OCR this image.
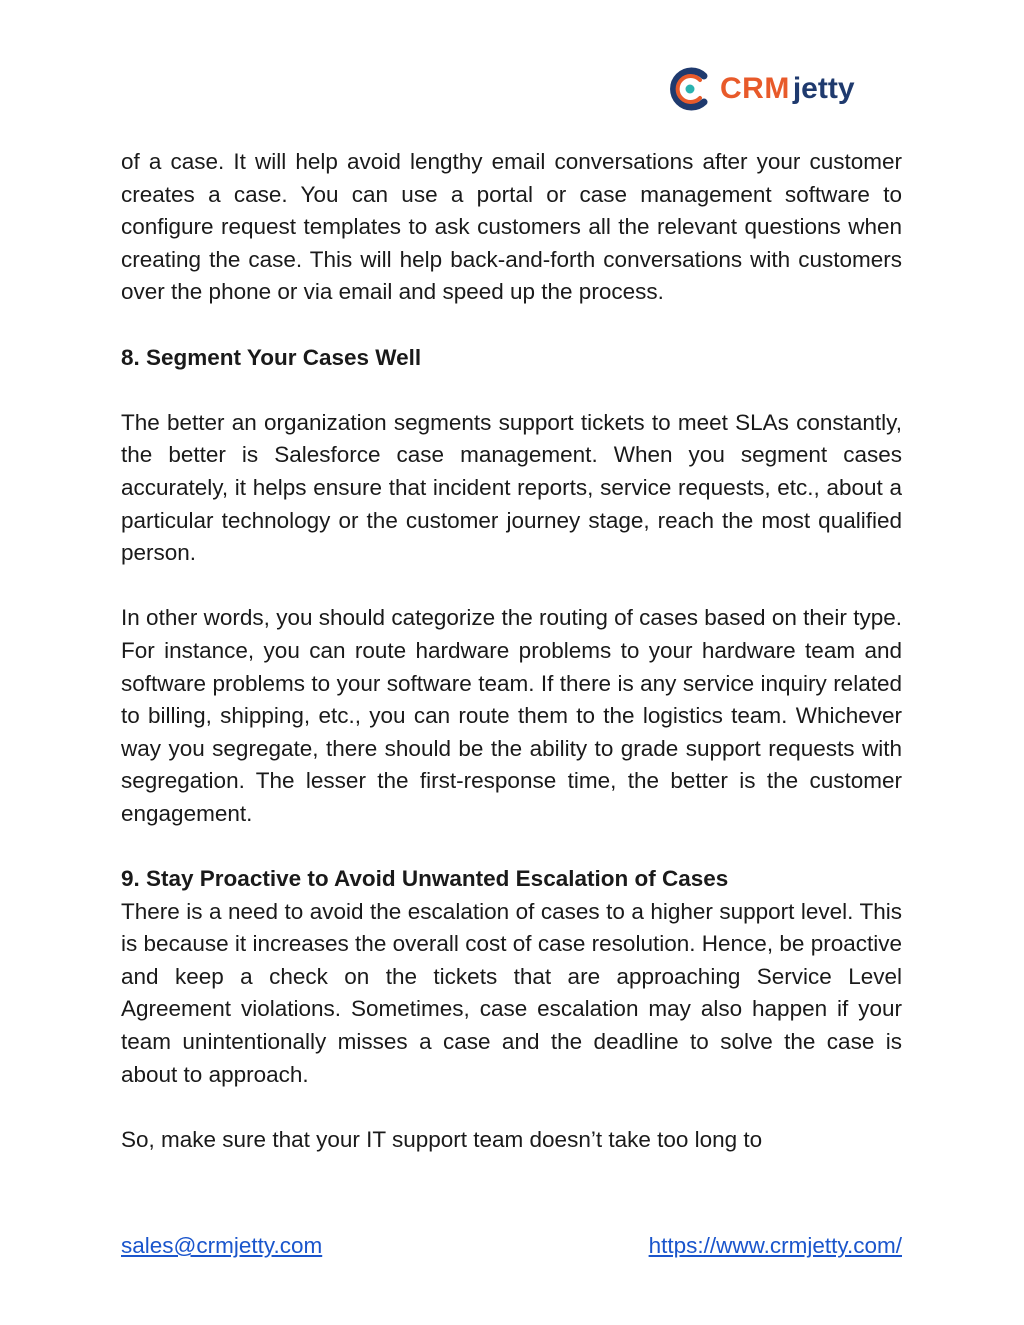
CRM jetty

of a case. It will help avoid lengthy email conversations after your customer creates a case. You can use a portal or case management software to configure request templates to ask customers all the relevant questions when creating the case. This will help back-and-forth conversations with customers over the phone or via email and speed up the process.

8. Segment Your Cases Well

The better an organization segments support tickets to meet SLAs constantly, the better is Salesforce case management. When you segment cases accurately, it helps ensure that incident reports, service requests, etc., about a particular technology or the customer journey stage, reach the most qualified person.

In other words, you should categorize the routing of cases based on their type. For instance, you can route hardware problems to your hardware team and software problems to your software team. If there is any service inquiry related to billing, shipping, etc., you can route them to the logistics team. Whichever way you segregate, there should be the ability to grade support requests with segregation. The lesser the first-response time, the better is the customer engagement.

9. Stay Proactive to Avoid Unwanted Escalation of Cases

There is a need to avoid the escalation of cases to a higher support level. This is because it increases the overall cost of case resolution. Hence, be proactive and keep a check on the tickets that are approaching Service Level Agreement violations. Sometimes, case escalation may also happen if your team unintentionally misses a case and the deadline to solve the case is about to approach.

So, make sure that your IT support team doesn’t take too long to

sales@crmjetty.com	https://www.crmjetty.com/
